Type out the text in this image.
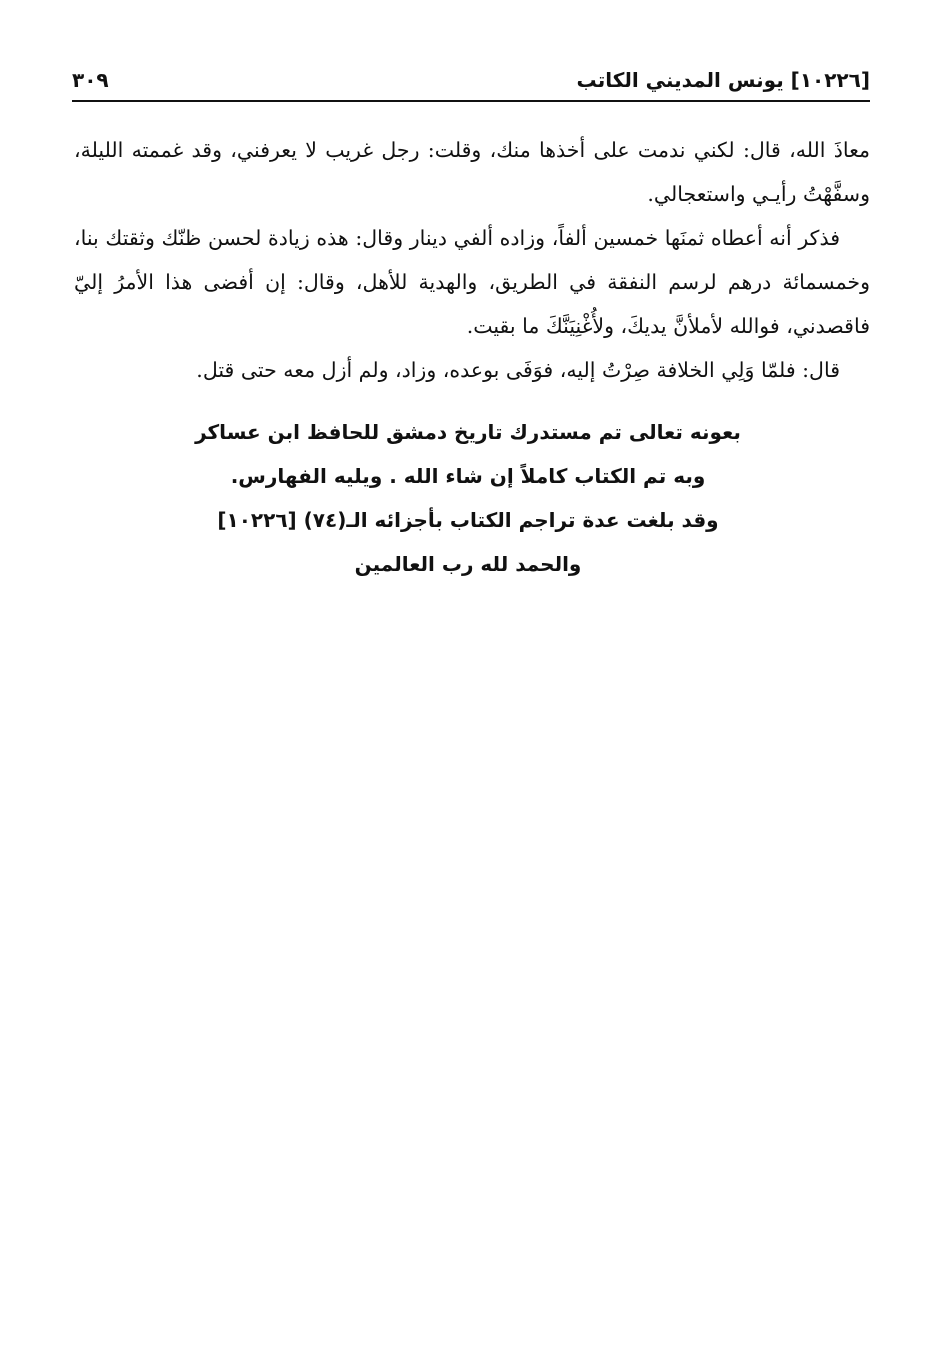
[١٠٢٢٦] يونس المديني الكاتب
٣٠٩

معاذَ الله، قال: لكني ندمت على أخذها منك، وقلت: رجل غريب لا يعرفني، وقد غممته الليلة، وسفَّهْتُ رأيـي واستعجالي.

فذكر أنه أعطاه ثمنَها خمسين ألفاً، وزاده ألفي دينار وقال: هذه زيادة لحسن ظنّك وثقتك بنا، وخمسمائة درهم لرسم النفقة في الطريق، والهدية للأهل، وقال: إن أفضى هذا الأمرُ إليّ فاقصدني، فوالله لأملأنَّ يديكَ، ولأُغْنِيَنَّكَ ما بقيت.

قال: فلمّا وَلِي الخلافة صِرْتُ إليه، فوَفَى بوعده، وزاد، ولم أزل معه حتى قتل.

بعونه تعالى تم مستدرك تاريخ دمشق للحافظ ابن عساكر
وبه تم الكتاب كاملاً إن شاء الله . ويليه الفهارس.
وقد بلغت عدة تراجم الكتاب بأجزائه الـ(٧٤) [١٠٢٢٦]
والحمد لله رب العالمين
